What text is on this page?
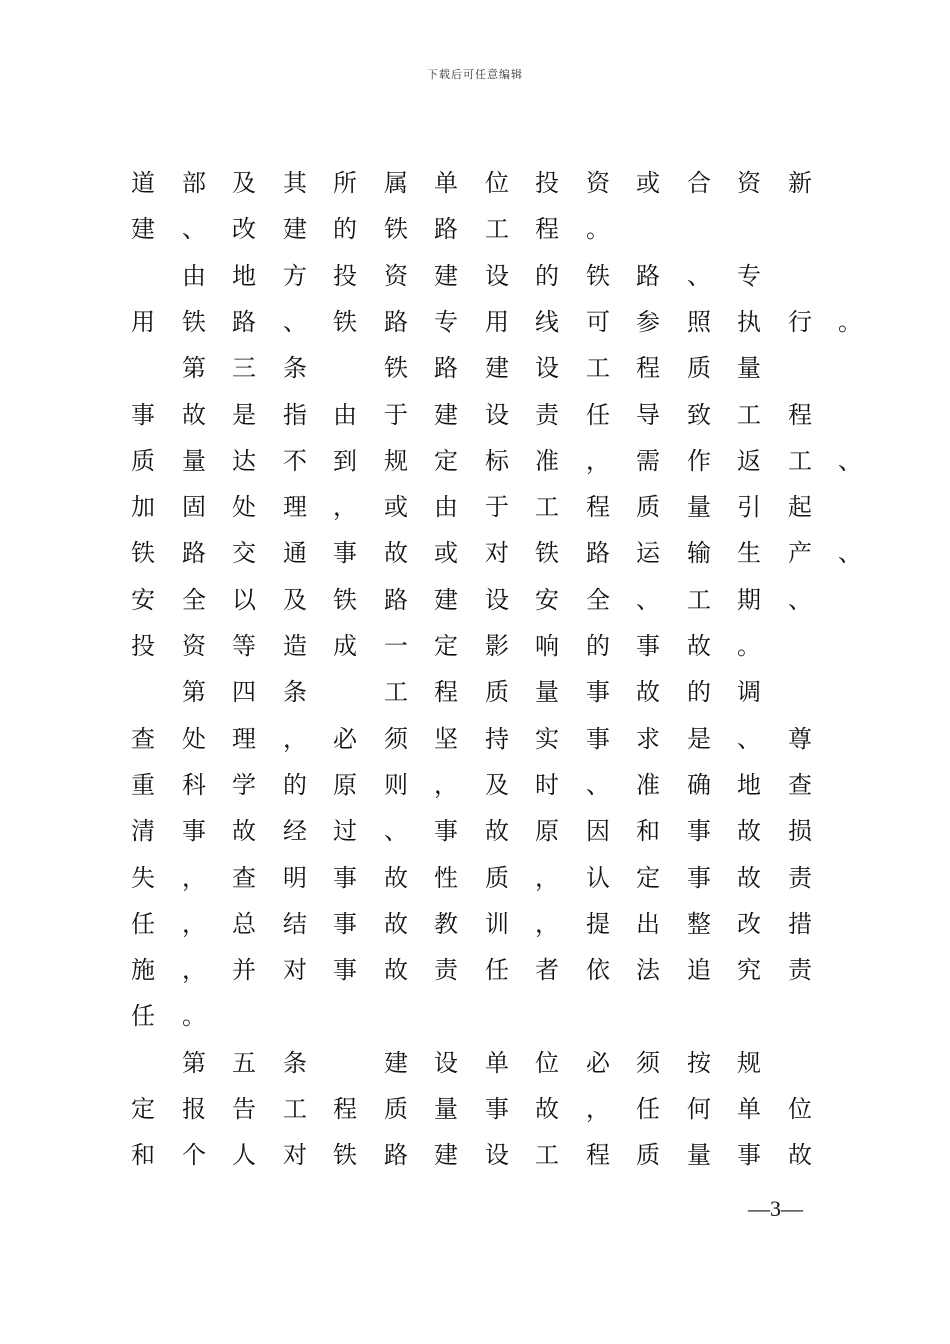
下载后可任意编辑
道 部 及 其 所 属 单 位 投 资 或 合 资 新
建 、 改 建 的 铁 路 工 程 。
由 地 方 投 资 建 设 的 铁 路 、 专
用 铁 路 、 铁 路 专 用 线 可 参 照 执 行 。
第 三 条	铁 路 建 设 工 程 质 量
事 故 是 指 由 于 建 设 责 任 导 致 工 程
质 量 达 不 到 规 定 标 准 ， 需 作 返 工 、
加 固 处 理 ， 或 由 于 工 程 质 量 引 起
铁 路 交 通 事 故 或 对 铁 路 运 输 生 产 、
安 全 以 及 铁 路 建 设 安 全 、 工 期 、
投 资 等 造 成 一 定 影 响 的 事 故 。
第 四 条	工 程 质 量 事 故 的 调
查 处 理 ， 必 须 坚 持 实 事 求 是 、 尊
重 科 学 的 原 则 ， 及 时 、 准 确 地 查
清 事 故 经 过 、 事 故 原 因 和 事 故 损
失 ， 查 明 事 故 性 质 ， 认 定 事 故 责
任 ， 总 结 事 故 教 训 ， 提 出 整 改 措
施 ， 并 对 事 故 责 任 者 依 法 追 究 责
任 。
第 五 条	建 设 单 位 必 须 按 规
定 报 告 工 程 质 量 事 故 ， 任 何 单 位
和 个 人 对 铁 路 建 设 工 程 质 量 事 故
—3—
